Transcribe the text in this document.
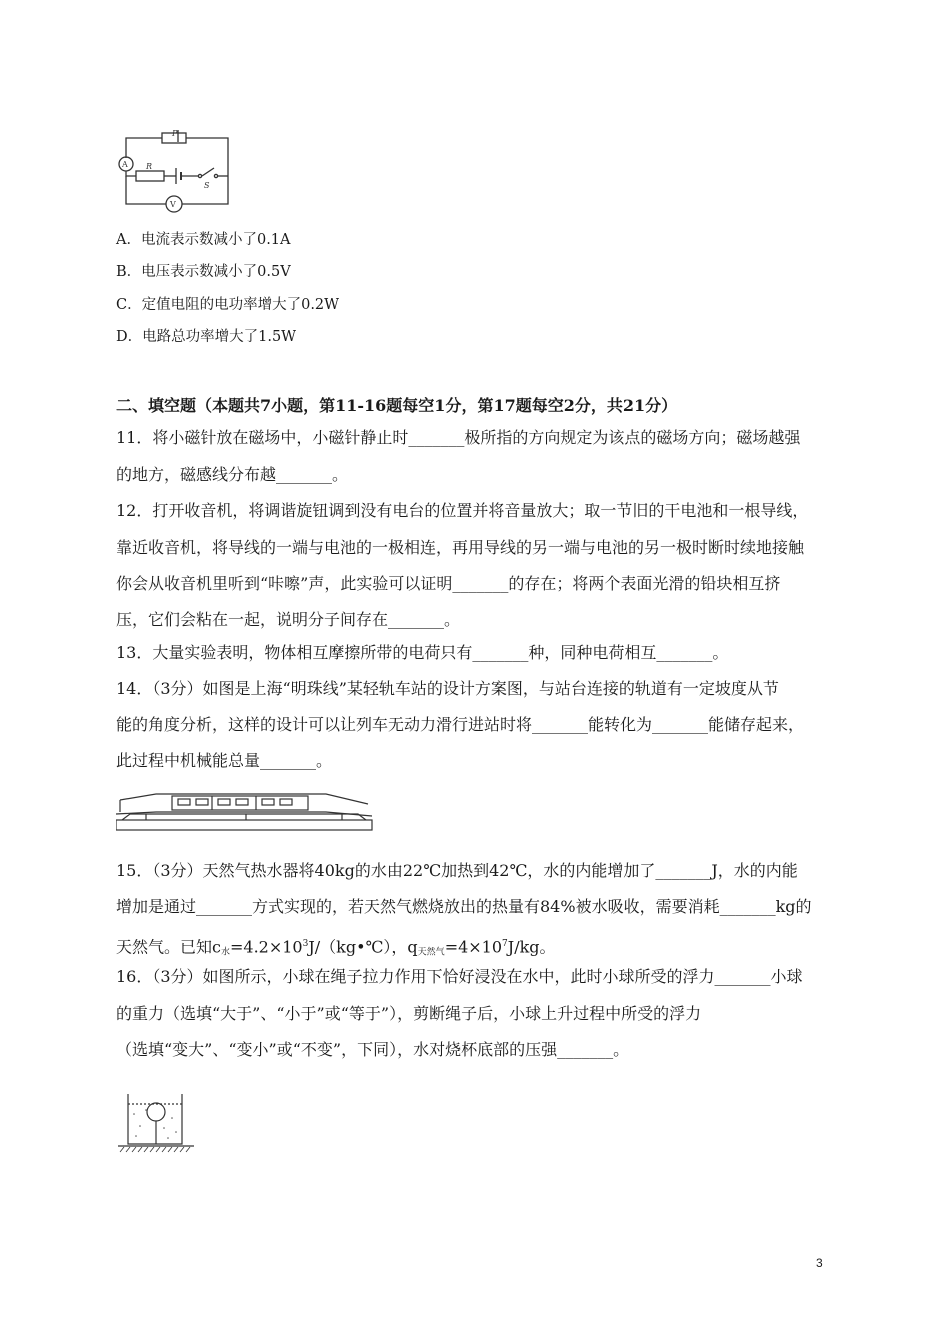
P
A R
S
V
A．电流表示数减小了0.1A
B．电压表示数减小了0.5V
C．定值电阻的电功率增大了0.2W
D．电路总功率增大了1.5W
二、填空题（本题共7小题，第11-16题每空1分，第17题每空2分，共21分）
11．将小磁针放在磁场中，小磁针静止时_______极所指的方向规定为该点的磁场方向；磁场越强
的地方，磁感线分布越_______。
12．打开收音机，将调谐旋钮调到没有电台的位置并将音量放大；取一节旧的干电池和一根导线，
靠近收音机，将导线的一端与电池的一极相连，再用导线的另一端与电池的另一极时断时续地接触
你会从收音机里听到“咔嚓”声，此实验可以证明_______的存在；将两个表面光滑的铅块相互挤
压，它们会粘在一起，说明分子间存在_______。
13．大量实验表明，物体相互摩擦所带的电荷只有_______种，同种电荷相互_______。
14．（3分）如图是上海“明珠线”某轻轨车站的设计方案图，与站台连接的轨道有一定坡度从节
能的角度分析，这样的设计可以让列车无动力滑行进站时将_______能转化为_______能储存起来，
此过程中机械能总量_______。
15．（3分）天然气热水器将40kg的水由22℃加热到42℃，水的内能增加了_______J，水的内能
增加是通过_______方式实现的，若天然气燃烧放出的热量有84%被水吸收，需要消耗_______kg的
天然气。已知$c_水=4.2\times 10^3J/(kg•℃)$，$q_{天然气}=4\times 10^7J/kg$。
16．（3分）如图所示，小球在绳子拉力作用下恰好浸没在水中，此时小球所受的浮力_______小球
的重力（选填“大于”、“小于”或“等于”），剪断绳子后，小球上升过程中所受的浮力
（选填“变大”、“变小”或“不变”，下同），水对烧杯底部的压强_______。
3
